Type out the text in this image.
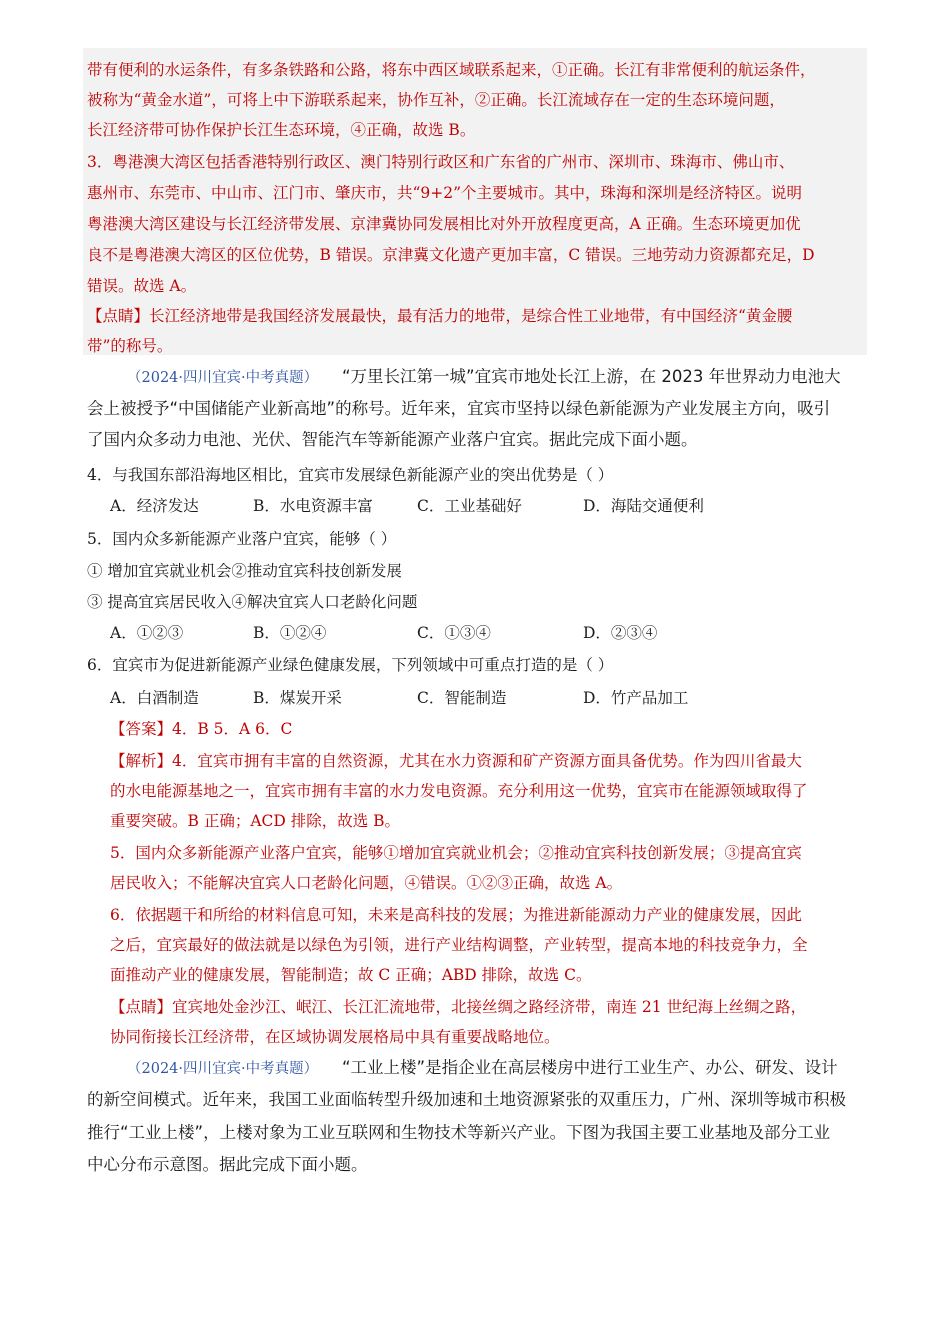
带有便利的水运条件，有多条铁路和公路，将东中西区域联系起来，①正确。长江有非常便利的航运条件，
被称为“黄金水道”，可将上中下游联系起来，协作互补，②正确。长江流域存在一定的生态环境问题，
长江经济带可协作保护长江生态环境，④正确，故选 B。
3．粤港澳大湾区包括香港特别行政区、澳门特别行政区和广东省的广州市、深圳市、珠海市、佛山市、
惠州市、东莞市、中山市、江门市、肇庆市，共“9+2”个主要城市。其中，珠海和深圳是经济特区。说明
粤港澳大湾区建设与长江经济带发展、京津冀协同发展相比对外开放程度更高，A 正确。生态环境更加优
良不是粤港澳大湾区的区位优势，B 错误。京津冀文化遗产更加丰富，C 错误。三地劳动力资源都充足，D
错误。故选 A。
【点睛】长江经济地带是我国经济发展最快，最有活力的地带，是综合性工业地带，有中国经济“黄金腰
带”的称号。
（2024·四川宜宾·中考真题） “万里长江第一城”宜宾市地处长江上游，在 2023 年世界动力电池大
会上被授予“中国储能产业新高地”的称号。近年来，宜宾市坚持以绿色新能源为产业发展主方向，吸引
了国内众多动力电池、光伏、智能汽车等新能源产业落户宜宾。据此完成下面小题。
4．与我国东部沿海地区相比，宜宾市发展绿色新能源产业的突出优势是（ ）
A．经济发达	B．水电资源丰富	C．工业基础好	D．海陆交通便利
5．国内众多新能源产业落户宜宾，能够（ ）
① 增加宜宾就业机会②推动宜宾科技创新发展
③ 提高宜宾居民收入④解决宜宾人口老龄化问题
A．①②③	B．①②④	C．①③④	D．②③④
6．宜宾市为促进新能源产业绿色健康发展，下列领域中可重点打造的是（ ）
A．白酒制造	B．煤炭开采	C．智能制造	D．竹产品加工
【答案】4．B 5．A 6．C
【解析】4．宜宾市拥有丰富的自然资源，尤其在水力资源和矿产资源方面具备优势。作为四川省最大
的水电能源基地之一，宜宾市拥有丰富的水力发电资源。充分利用这一优势，宜宾市在能源领域取得了
重要突破。B 正确；ACD 排除，故选 B。
5．国内众多新能源产业落户宜宾，能够①增加宜宾就业机会；②推动宜宾科技创新发展；③提高宜宾
居民收入；不能解决宜宾人口老龄化问题，④错误。①②③正确，故选 A。
6．依据题干和所给的材料信息可知，未来是高科技的发展；为推进新能源动力产业的健康发展，因此
之后，宜宾最好的做法就是以绿色为引领，进行产业结构调整，产业转型，提高本地的科技竞争力，全
面推动产业的健康发展，智能制造；故 C 正确；ABD 排除，故选 C。
【点睛】宜宾地处金沙江、岷江、长江汇流地带，北接丝绸之路经济带，南连 21 世纪海上丝绸之路，
协同衔接长江经济带，在区域协调发展格局中具有重要战略地位。
（2024·四川宜宾·中考真题） “工业上楼”是指企业在高层楼房中进行工业生产、办公、研发、设计
的新空间模式。近年来，我国工业面临转型升级加速和土地资源紧张的双重压力，广州、深圳等城市积极
推行“工业上楼”，上楼对象为工业互联网和生物技术等新兴产业。下图为我国主要工业基地及部分工业
中心分布示意图。据此完成下面小题。
